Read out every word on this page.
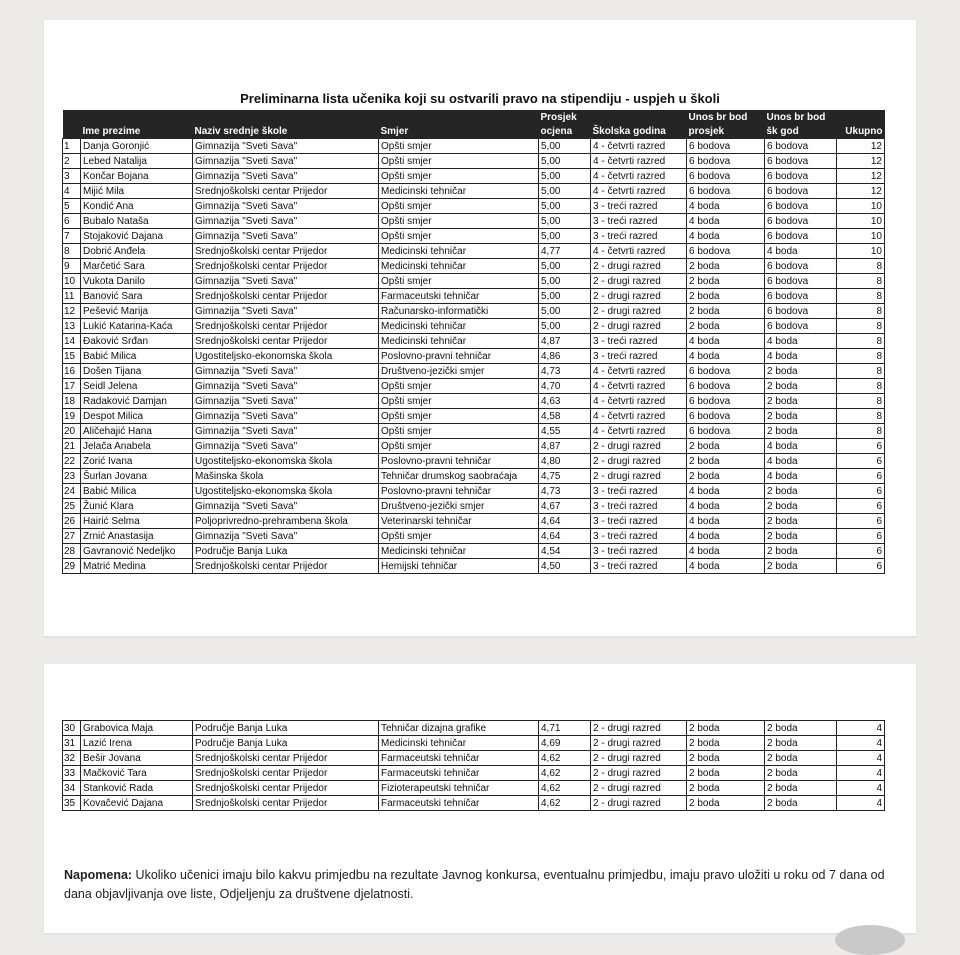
Preliminarna lista učenika koji su ostvarili pravo na stipendiju - uspjeh u školi
				Prosjek		Unos br bod	Unos br bod	
	Ime prezime	Naziv srednje škole	Smjer	ocjena	Školska godina	prosjek	šk god	Ukupno
1	Danja Goronjić	Gimnazija "Sveti Sava"	Opšti smjer	5,00	4 - četvrti razred	6 bodova	6 bodova	12
2	Lebed Natalija	Gimnazija "Sveti Sava"	Opšti smjer	5,00	4 - četvrti razred	6 bodova	6 bodova	12
3	Končar Bojana	Gimnazija "Sveti Sava"	Opšti smjer	5,00	4 - četvrti razred	6 bodova	6 bodova	12
4	Mijić Mila	Srednjoškolski centar Prijedor	Medicinski tehničar	5,00	4 - četvrti razred	6 bodova	6 bodova	12
5	Kondić Ana	Gimnazija "Sveti Sava"	Opšti smjer	5,00	3 - treći razred	4 boda	6 bodova	10
6	Bubalo Nataša	Gimnazija "Sveti Sava"	Opšti smjer	5,00	3 - treći razred	4 boda	6 bodova	10
7	Stojaković Dajana	Gimnazija "Sveti Sava"	Opšti smjer	5,00	3 - treći razred	4 boda	6 bodova	10
8	Dobrić Anđela	Srednjoškolski centar Prijedor	Medicinski tehničar	4,77	4 - četvrti razred	6 bodova	4 boda	10
9	Marčetić Sara	Srednjoškolski centar Prijedor	Medicinski tehničar	5,00	2 - drugi razred	2 boda	6 bodova	8
10	Vukota Danilo	Gimnazija "Sveti Sava"	Opšti smjer	5,00	2 - drugi razred	2 boda	6 bodova	8
11	Banović Sara	Srednjoškolski centar Prijedor	Farmaceutski tehničar	5,00	2 - drugi razred	2 boda	6 bodova	8
12	Pešević Marija	Gimnazija "Sveti Sava"	Računarsko-informatički	5,00	2 - drugi razred	2 boda	6 bodova	8
13	Lukić Katarina-Kaća	Srednjoškolski centar Prijedor	Medicinski tehničar	5,00	2 - drugi razred	2 boda	6 bodova	8
14	Đaković Srđan	Srednjoškolski centar Prijedor	Medicinski tehničar	4,87	3 - treći razred	4 boda	4 boda	8
15	Babić Milica	Ugostiteljsko-ekonomska škola	Poslovno-pravni tehničar	4,86	3 - treći razred	4 boda	4 boda	8
16	Došen Tijana	Gimnazija "Sveti Sava"	Društveno-jezički smjer	4,73	4 - četvrti razred	6 bodova	2 boda	8
17	Seidl Jelena	Gimnazija "Sveti Sava"	Opšti smjer	4,70	4 - četvrti razred	6 bodova	2 boda	8
18	Radaković Damjan	Gimnazija "Sveti Sava"	Opšti smjer	4,63	4 - četvrti razred	6 bodova	2 boda	8
19	Despot Milica	Gimnazija "Sveti Sava"	Opšti smjer	4,58	4 - četvrti razred	6 bodova	2 boda	8
20	Aličehajić Hana	Gimnazija "Sveti Sava"	Opšti smjer	4,55	4 - četvrti razred	6 bodova	2 boda	8
21	Jelača Anabela	Gimnazija "Sveti Sava"	Opšti smjer	4,87	2 - drugi razred	2 boda	4 boda	6
22	Zorić Ivana	Ugostiteljsko-ekonomska škola	Poslovno-pravni tehničar	4,80	2 - drugi razred	2 boda	4 boda	6
23	Šurlan Jovana	Mašinska škola	Tehničar drumskog saobraćaja	4,75	2 - drugi razred	2 boda	4 boda	6
24	Babić Milica	Ugostiteljsko-ekonomska škola	Poslovno-pravni tehničar	4,73	3 - treći razred	4 boda	2 boda	6
25	Žunić Klara	Gimnazija "Sveti Sava"	Društveno-jezički smjer	4,67	3 - treći razred	4 boda	2 boda	6
26	Hairić Selma	Poljoprivredno-prehrambena škola	Veterinarski tehničar	4,64	3 - treći razred	4 boda	2 boda	6
27	Zrnić Anastasija	Gimnazija "Sveti Sava"	Opšti smjer	4,64	3 - treći razred	4 boda	2 boda	6
28	Gavranović Nedeljko	Područje Banja Luka	Medicinski tehničar	4,54	3 - treći razred	4 boda	2 boda	6
29	Matrić Medina	Srednjoškolski centar Prijedor	Hemijski tehničar	4,50	3 - treći razred	4 boda	2 boda	6
30	Grabovica Maja	Područje Banja Luka	Tehničar dizajna grafike	4,71	2 - drugi razred	2 boda	2 boda	4
31	Lazić Irena	Područje Banja Luka	Medicinski tehničar	4,69	2 - drugi razred	2 boda	2 boda	4
32	Bešir Jovana	Srednjoškolski centar Prijedor	Farmaceutski tehničar	4,62	2 - drugi razred	2 boda	2 boda	4
33	Mačković Tara	Srednjoškolski centar Prijedor	Farmaceutski tehničar	4,62	2 - drugi razred	2 boda	2 boda	4
34	Stanković Rada	Srednjoškolski centar Prijedor	Fizioterapeutski tehničar	4,62	2 - drugi razred	2 boda	2 boda	4
35	Kovačević Dajana	Srednjoškolski centar Prijedor	Farmaceutski tehničar	4,62	2 - drugi razred	2 boda	2 boda	4
Napomena: Ukoliko učenici imaju bilo kakvu primjedbu na rezultate Javnog konkursa, eventualnu primjedbu, imaju pravo uložiti u roku od 7 dana od dana objavljivanja ove liste, Odjeljenju za društvene djelatnosti.
